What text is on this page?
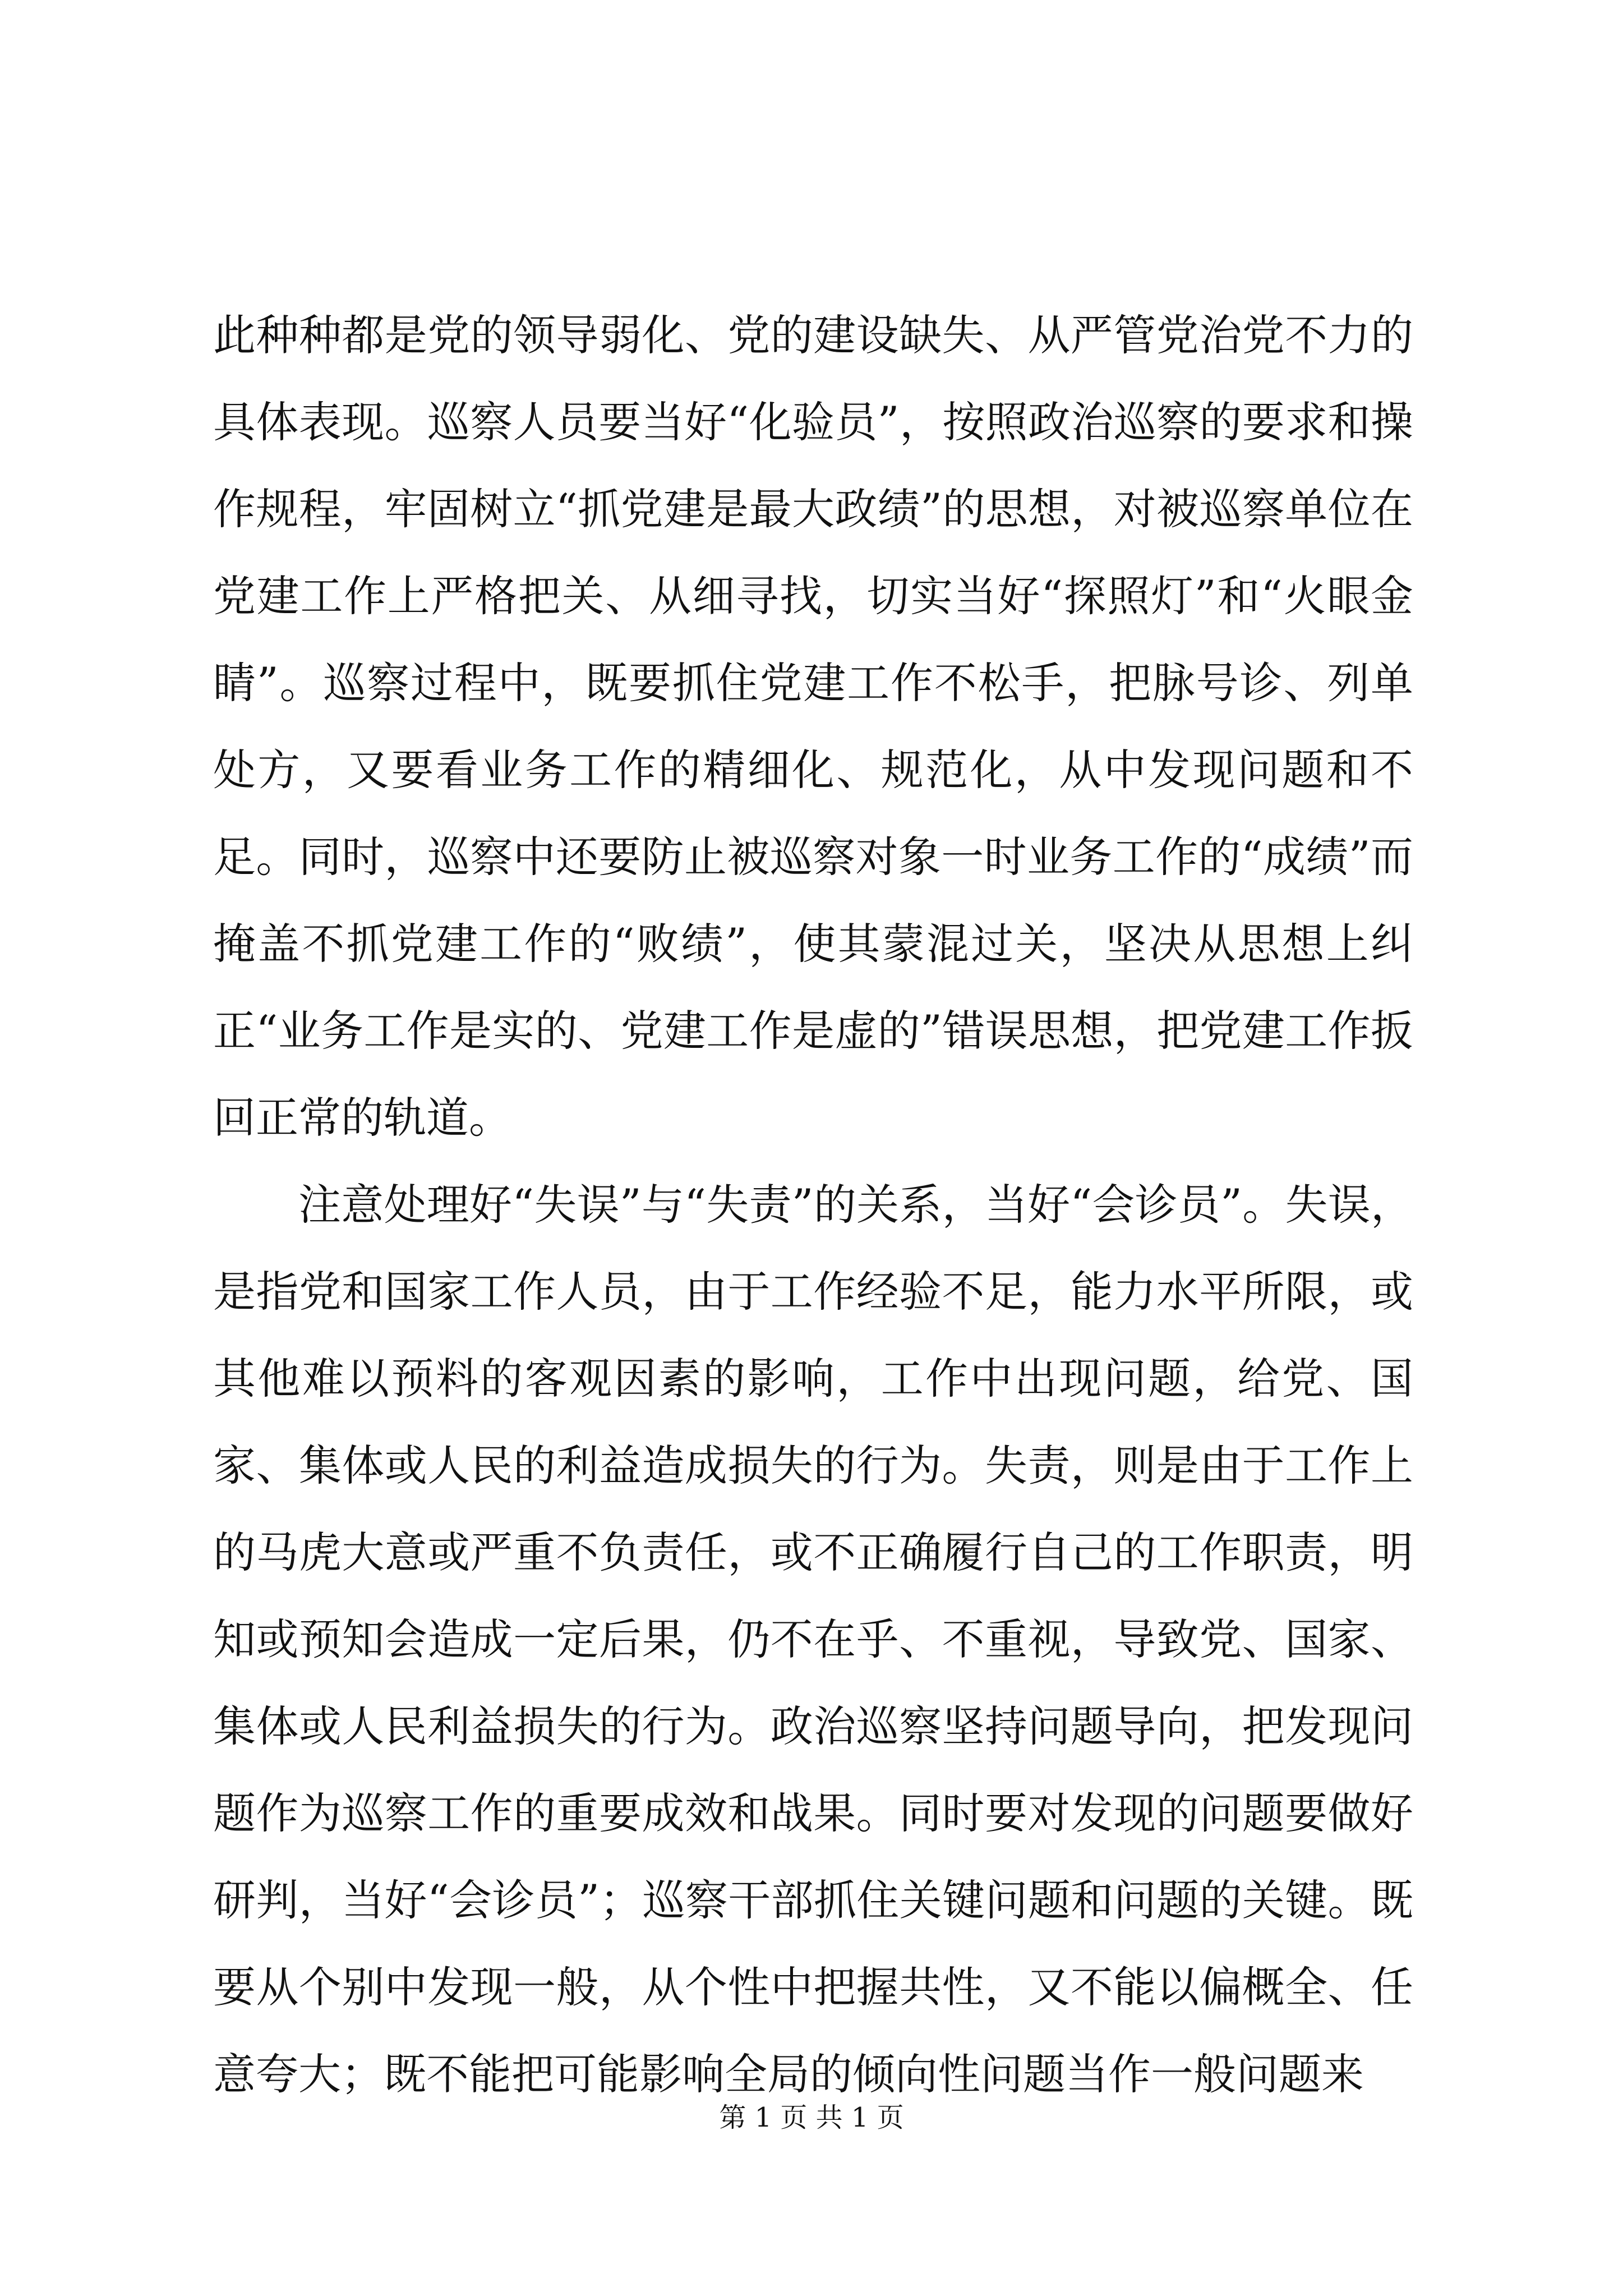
此种种都是党的领导弱化、党的建设缺失、从严管党治党不力的具体表现。巡察人员要当好“化验员”，按照政治巡察的要求和操作规程，牢固树立“抓党建是最大政绩”的思想，对被巡察单位在党建工作上严格把关、从细寻找，切实当好“探照灯”和“火眼金睛”。巡察过程中，既要抓住党建工作不松手，把脉号诊、列单处方，又要看业务工作的精细化、规范化，从中发现问题和不足。同时，巡察中还要防止被巡察对象一时业务工作的“成绩”而掩盖不抓党建工作的“败绩”，使其蒙混过关，坚决从思想上纠正“业务工作是实的、党建工作是虚的”错误思想，把党建工作扳回正常的轨道。

注意处理好“失误”与“失责”的关系，当好“会诊员”。失误，是指党和国家工作人员，由于工作经验不足，能力水平所限，或其他难以预料的客观因素的影响，工作中出现问题，给党、国家、集体或人民的利益造成损失的行为。失责，则是由于工作上的马虎大意或严重不负责任，或不正确履行自己的工作职责，明知或预知会造成一定后果，仍不在乎、不重视，导致党、国家、集体或人民利益损失的行为。政治巡察坚持问题导向，把发现问题作为巡察工作的重要成效和战果。同时要对发现的问题要做好研判，当好“会诊员”；巡察干部抓住关键问题和问题的关键。既要从个别中发现一般，从个性中把握共性，又不能以偏概全、任意夸大；既不能把可能影响全局的倾向性问题当作一般问题来

第 1 页 共 1 页
